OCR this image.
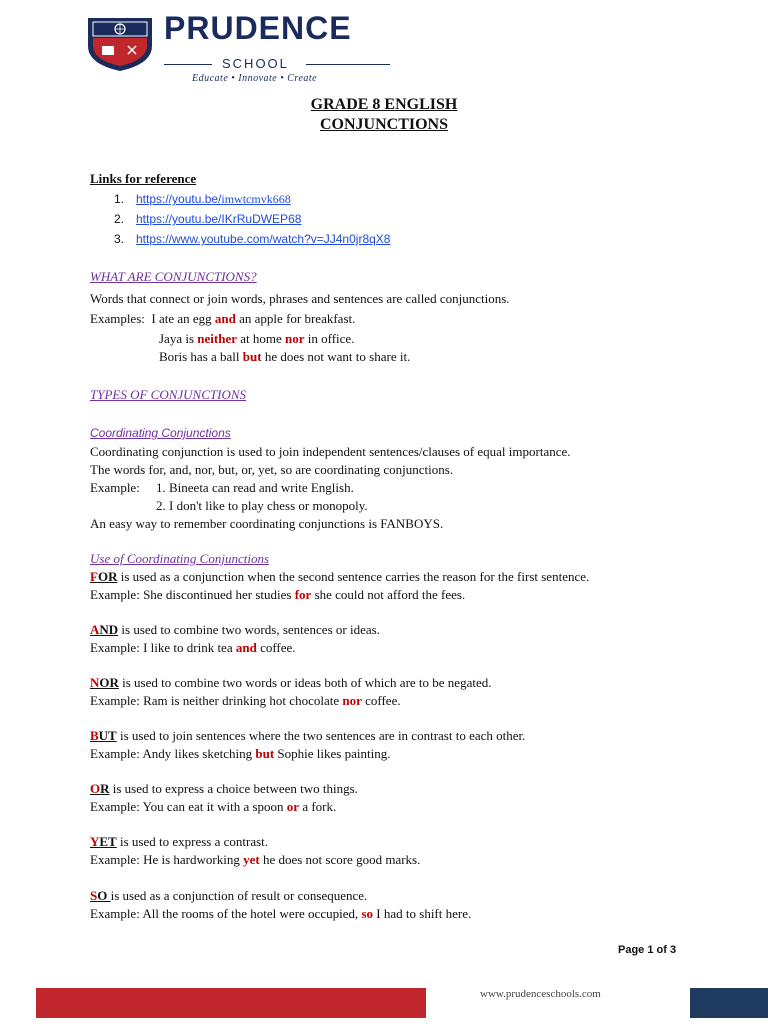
PRUDENCE
SCHOOL
Educate • Innovate • Create
GRADE 8 ENGLISH
CONJUNCTIONS
Links for reference
1. https://youtu.be/imwtcmvk668
2. https://youtu.be/IKrRuDWEP68
3. https://www.youtube.com/watch?v=JJ4n0jr8qX8
WHAT ARE CONJUNCTIONS?
Words that connect or join words, phrases and sentences are called conjunctions.
Examples: I ate an egg and an apple for breakfast.
Jaya is neither at home nor in office.
Boris has a ball but he does not want to share it.
TYPES OF CONJUNCTIONS
Coordinating Conjunctions
Coordinating conjunction is used to join independent sentences/clauses of equal importance.
The words for, and, nor, but, or, yet, so are coordinating conjunctions.
Example: 1. Bineeta can read and write English.
2. I don't like to play chess or monopoly.
An easy way to remember coordinating conjunctions is FANBOYS.
Use of Coordinating Conjunctions
FOR is used as a conjunction when the second sentence carries the reason for the first sentence.
Example: She discontinued her studies for she could not afford the fees.
AND is used to combine two words, sentences or ideas.
Example: I like to drink tea and coffee.
NOR is used to combine two words or ideas both of which are to be negated.
Example: Ram is neither drinking hot chocolate nor coffee.
BUT is used to join sentences where the two sentences are in contrast to each other.
Example: Andy likes sketching but Sophie likes painting.
OR is used to express a choice between two things.
Example: You can eat it with a spoon or a fork.
YET is used to express a contrast.
Example: He is hardworking yet he does not score good marks.
SO is used as a conjunction of result or consequence.
Example: All the rooms of the hotel were occupied, so I had to shift here.
Page 1 of 3
www.prudenceschools.com
